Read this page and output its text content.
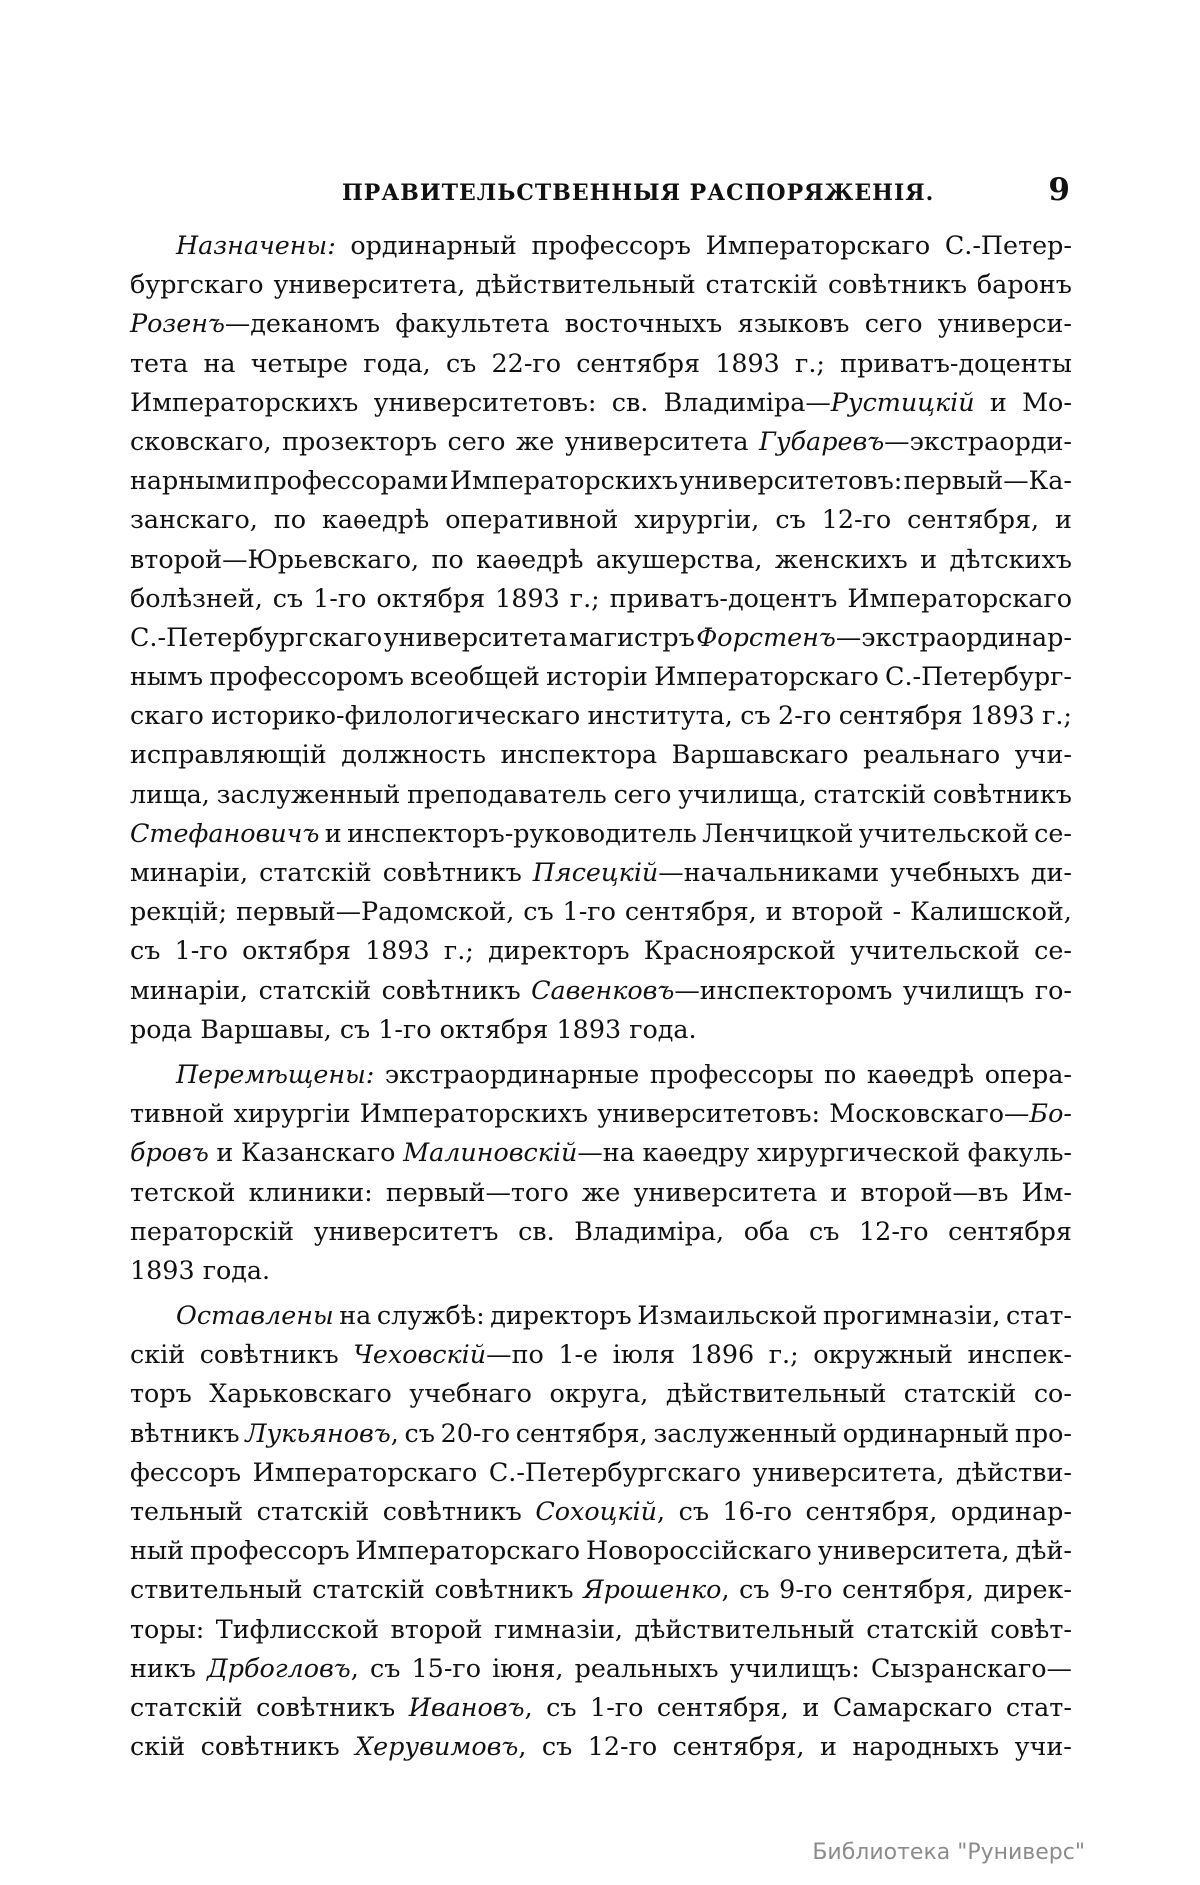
ПРАВИТЕЛЬСТВЕННЫЯ РАСПОРЯЖЕНІЯ.	9
Назначены: ординарный профессоръ Императорскаго С.-Петер-
бургскаго университета, дѣйствительный статскій совѣтникъ баронъ
Розенъ—деканомъ факультета восточныхъ языковъ сего универси-
тета на четыре года, съ 22-го сентября 1893 г.; приватъ-доценты
Императорскихъ университетовъ: св. Владиміра—Рустицкій и Мо-
сковскаго, прозекторъ сего же университета Губаревъ—экстраорди-
нарными профессорами Императорскихъ университетовъ: первый—Ка-
занскаго, по каѳедрѣ оперативной хирургіи, съ 12-го сентября, и
второй—Юрьевскаго, по каѳедрѣ акушерства, женскихъ и дѣтскихъ
болѣзней, съ 1-го октября 1893 г.; приватъ-доцентъ Императорскаго
С.-Петербургскаго университета магистръ Форстенъ—экстраординар-
нымъ профессоромъ всеобщей исторіи Императорскаго С.-Петербург-
скаго историко-филологическаго института, съ 2-го сентября 1893 г.;
исправляющій должность инспектора Варшавскаго реальнаго учи-
лища, заслуженный преподаватель сего училища, статскій совѣтникъ
Стефановичъ и инспекторъ-руководитель Ленчицкой учительской се-
минаріи, статскій совѣтникъ Пясецкій—начальниками учебныхъ ди-
рекцій; первый—Радомской, съ 1-го сентября, и второй - Калишской,
съ 1-го октября 1893 г.; директоръ Красноярской учительской се-
минаріи, статскій совѣтникъ Савенковъ—инспекторомъ училищъ го-
рода Варшавы, съ 1-го октября 1893 года.
Перемѣщены: экстраординарные профессоры по каѳедрѣ опера-
тивной хирургіи Императорскихъ университетовъ: Московскаго—Бо-
бровъ и Казанскаго Малиновскій—на каѳедру хирургической факуль-
тетской клиники: первый—того же университета и второй—въ Им-
ператорскій университетъ св. Владиміра, оба съ 12-го сентября
1893 года.
Оставлены на службѣ: директоръ Измаильской прогимназіи, стат-
скій совѣтникъ Чеховскій—по 1-е іюля 1896 г.; окружный инспек-
торъ Харьковскаго учебнаго округа, дѣйствительный статскій со-
вѣтникъ Лукьяновъ, съ 20-го сентября, заслуженный ординарный про-
фессоръ Императорскаго С.-Петербургскаго университета, дѣйстви-
тельный статскій совѣтникъ Сохоцкій, съ 16-го сентября, ординар-
ный профессоръ Императорскаго Новороссійскаго университета, дѣй-
ствительный статскій совѣтникъ Ярошенко, съ 9-го сентября, дирек-
торы: Тифлисской второй гимназіи, дѣйствительный статскій совѣт-
никъ Дрбогловъ, съ 15-го іюня, реальныхъ училищъ: Сызранскаго—
статскій совѣтникъ Ивановъ, съ 1-го сентября, и Самарскаго стат-
скій совѣтникъ Херувимовъ, съ 12-го сентября, и народныхъ учи-
Библиотека "Руниверс"
